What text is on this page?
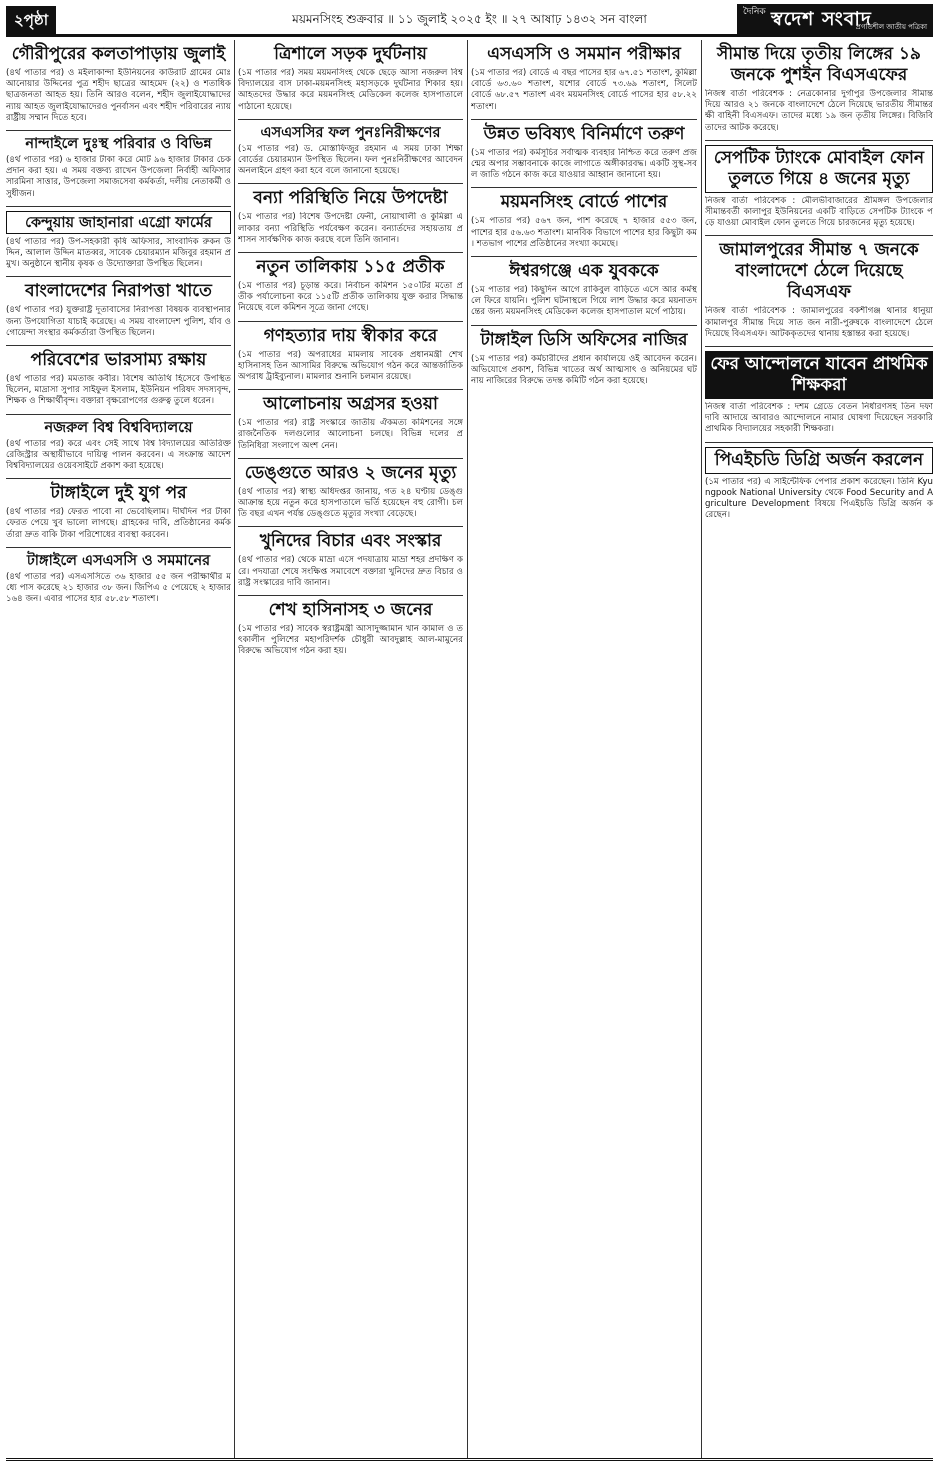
২পৃষ্ঠা	ময়মনসিংহ শুক্রবার ॥ ১১ জুলাই ২০২৫ ইং ॥ ২৭ আষাঢ় ১৪৩২ সন বাংলা	দৈনিক স্বদেশ সংবাদ
প্রগতিশীল জাতীয় পত্রিকা
গৌরীপুরের কলতাপাড়ায় জুলাই

(৪র্থ পাতার পর) ও মইলাকান্দা ইউনিয়নের কাউরাট গ্রামের মোঃ আনোয়ার উদ্দিনের পুত্র শহীদ ছাত্রের আহমেদ (২২) ও শতাধিক ছাত্রজনতা আহত হয়। তিনি আরও বলেন, শহীদ জুলাইযোদ্ধাদের ন্যায় আহত জুলাইযোদ্ধাদেরও পুনর্বাসন এবং শহীদ পরিবারের ন্যায় রাষ্ট্রীয় সম্মান দিতে হবে।

নান্দাইলে দুঃস্থ পরিবার ও বিভিন্ন

(৪র্থ পাতার পর) ৬ হাজার টাকা করে মোট ৯৬ হাজার টাকার চেক প্রদান করা হয়। এ সময় বক্তব্য রাখেন উপজেলা নির্বাহী অফিসার সারমিনা সাত্তার, উপজেলা সমাজসেবা কর্মকর্তা, দলীয় নেতাকর্মী ও সুধীজন।

কেন্দুয়ায় জাহানারা এগ্রো ফার্মের

(৪র্থ পাতার পর) উপ-সহকারী কৃষি অফিসার, সাংবাদিক রুকন উদ্দিন, আলাল উদ্দিন মাতব্বর, সাবেক চেয়ারম্যান মজিবুর রহমান প্রমুখ। অনুষ্ঠানে স্থানীয় কৃষক ও উদ্যোক্তারা উপস্থিত ছিলেন।

বাংলাদেশের নিরাপত্তা খাতে

(৪র্থ পাতার পর) যুক্তরাষ্ট্র দূতাবাসের নিরাপত্তা বিষয়ক ব্যবস্থাপনার জন্য উপযোগিতা যাচাই করেছে। এ সময় বাংলাদেশ পুলিশ, র্যাব ও গোয়েন্দা সংস্থার কর্মকর্তারা উপস্থিত ছিলেন।

পরিবেশের ভারসাম্য রক্ষায়

(৪র্থ পাতার পর) মমতাজ কবীর। বিশেষ অতিথি হিসেবে উপস্থিত ছিলেন, মাদ্রাসা সুপার সাইফুল ইসলাম, ইউনিয়ন পরিষদ সদস্যবৃন্দ, শিক্ষক ও শিক্ষার্থীবৃন্দ। বক্তারা বৃক্ষরোপণের গুরুত্ব তুলে ধরেন।

নজরুল বিশ্ব বিশ্ববিদ্যালয়ে

(৪র্থ পাতার পর) করে এবং সেই সাথে বিশ্ব বিদ্যালয়ের অতিরিক্ত রেজিস্ট্রার অস্থায়ীভাবে দায়িত্ব পালন করবেন। এ সংক্রান্ত আদেশ বিশ্ববিদ্যালয়ের ওয়েবসাইটে প্রকাশ করা হয়েছে।

টাঙ্গাইলে দুই যুগ পর

(৪র্থ পাতার পর) ফেরত পাবো না ভেবেছিলাম। দীর্ঘদিন পর টাকা ফেরত পেয়ে খুব ভালো লাগছে। গ্রাহকের দাবি, প্রতিষ্ঠানের কর্মকর্তারা দ্রুত বাকি টাকা পরিশোধের ব্যবস্থা করবেন।

টাঙ্গাইলে এসএসসি ও সমমানের

(৪র্থ পাতার পর) এসএসসিতে ৩৬ হাজার ৫৫ জন পরীক্ষার্থীর মধ্যে পাস করেছে ২১ হাজার ৩৮ জন। জিপিএ ৫ পেয়েছে ২ হাজার ১৬৪ জন। এবার পাসের হার ৫৮.৫৮ শতাংশ।

ত্রিশালে সড়ক দুর্ঘটনায়

(১ম পাতার পর) সময় ময়মনসিংহ থেকে ছেড়ে আসা নজরুল বিশ্ববিদ্যালয়ের বাস ঢাকা-ময়মনসিংহ মহাসড়কে দুর্ঘটনার শিকার হয়। আহতদের উদ্ধার করে ময়মনসিংহ মেডিকেল কলেজ হাসপাতালে পাঠানো হয়েছে।

এসএসসির ফল পুনঃনিরীক্ষণের

(১ম পাতার পর) ড. মোস্তাফিজুর রহমান এ সময় ঢাকা শিক্ষা বোর্ডের চেয়ারম্যান উপস্থিত ছিলেন। ফল পুনঃনিরীক্ষণের আবেদন অনলাইনে গ্রহণ করা হবে বলে জানানো হয়েছে।

বন্যা পরিস্থিতি নিয়ে উপদেষ্টা

(১ম পাতার পর) বিশেষ উপদেষ্টা ফেনী, নোয়াখালী ও কুমিল্লা এলাকার বন্যা পরিস্থিতি পর্যবেক্ষণ করেন। বন্যার্তদের সহায়তায় প্রশাসন সার্বক্ষণিক কাজ করছে বলে তিনি জানান।

নতুন তালিকায় ১১৫ প্রতীক

(১ম পাতার পর) চূড়ান্ত করে। নির্বাচন কমিশন ১৫০টির মতো প্রতীক পর্যালোচনা করে ১১৫টি প্রতীক তালিকায় যুক্ত করার সিদ্ধান্ত নিয়েছে বলে কমিশন সূত্রে জানা গেছে।

গণহত্যার দায় স্বীকার করে

(১ম পাতার পর) অপরাধের মামলায় সাবেক প্রধানমন্ত্রী শেখ হাসিনাসহ তিন আসামির বিরুদ্ধে অভিযোগ গঠন করে আন্তর্জাতিক অপরাধ ট্রাইব্যুনাল। মামলার শুনানি চলমান রয়েছে।

আলোচনায় অগ্রসর হওয়া

(১ম পাতার পর) রাষ্ট্র সংস্কারে জাতীয় ঐকমত্য কমিশনের সঙ্গে রাজনৈতিক দলগুলোর আলোচনা চলছে। বিভিন্ন দলের প্রতিনিধিরা সংলাপে অংশ নেন।

ডেঙ্গুতে আরও ২ জনের মৃত্যু

(৪র্থ পাতার পর) স্বাস্থ্য অধিদপ্তর জানায়, গত ২৪ ঘণ্টায় ডেঙ্গু আক্রান্ত হয়ে নতুন করে হাসপাতালে ভর্তি হয়েছেন বহু রোগী। চলতি বছর এখন পর্যন্ত ডেঙ্গুতে মৃত্যুর সংখ্যা বেড়েছে।

খুনিদের বিচার এবং সংস্কার

(৪র্থ পাতার পর) থেকে মাভ্রা এসে পদযাত্রায় মাভ্রা শহর প্রদক্ষিণ করে। পদযাত্রা শেষে সংক্ষিপ্ত সমাবেশে বক্তারা খুনিদের দ্রুত বিচার ও রাষ্ট্র সংস্কারের দাবি জানান।

শেখ হাসিনাসহ ৩ জনের

(১ম পাতার পর) সাবেক স্বরাষ্ট্রমন্ত্রী আসাদুজ্জামান খান কামাল ও তৎকালীন পুলিশের মহাপরিদর্শক চৌধুরী আবদুল্লাহ আল-মামুনের বিরুদ্ধে অভিযোগ গঠন করা হয়।

এসএসসি ও সমমান পরীক্ষার

(১ম পাতার পর) বোর্ডে এ বছর পাসের হার ৬৭.৫১ শতাংশ, কুমিল্লা বোর্ডে ৬৩.৬০ শতাংশ, যশোর বোর্ডে ৭৩.৬৯ শতাংশ, সিলেট বোর্ডে ৬৮.৫৭ শতাংশ এবং ময়মনসিংহ বোর্ডে পাসের হার ৫৮.২২ শতাংশ।

উন্নত ভবিষ্যৎ বিনির্মাণে তরুণ

(১ম পাতার পর) কর্মসূচির সর্বাত্মক ব্যবহার নিশ্চিত করে তরুণ প্রজন্মের অপার সম্ভাবনাকে কাজে লাগাতে অঙ্গীকারবদ্ধ। একটি সুস্থ-সবল জাতি গঠনে কাজ করে যাওয়ার আহ্বান জানানো হয়।

ময়মনসিংহ বোর্ডে পাশের

(১ম পাতার পর) ৫৬৭ জন, পাশ করেছে ৭ হাজার ৫৫৩ জন, পাশের হার ৫৬.৬৩ শতাংশ। মানবিক বিভাগে পাশের হার কিছুটা কম। শতভাগ পাশের প্রতিষ্ঠানের সংখ্যা কমেছে।

ঈশ্বরগঞ্জে এক যুবককে

(১ম পাতার পর) কিছুদিন আগে রাকিবুল বাড়িতে এসে আর কর্মস্থলে ফিরে যায়নি। পুলিশ ঘটনাস্থলে গিয়ে লাশ উদ্ধার করে ময়নাতদন্তের জন্য ময়মনসিংহ মেডিকেল কলেজ হাসপাতাল মর্গে পাঠায়।

টাঙ্গাইল ডিসি অফিসের নাজির

(১ম পাতার পর) কর্মচারীদের প্রধান কার্যালয়ে ওই আবেদন করেন। অভিযোগে প্রকাশ, বিভিন্ন খাতের অর্থ আত্মসাৎ ও অনিয়মের ঘটনায় নাজিরের বিরুদ্ধে তদন্ত কমিটি গঠন করা হয়েছে।

সীমান্ত দিয়ে তৃতীয় লিঙ্গের ১৯ জনকে পুশইন বিএসএফের

নিজস্ব বার্তা পরিবেশক : নেত্রকোনার দুর্গাপুর উপজেলার সীমান্ত দিয়ে আরও ২১ জনকে বাংলাদেশে ঠেলে দিয়েছে ভারতীয় সীমান্তরক্ষী বাহিনী বিএসএফ। তাদের মধ্যে ১৯ জন তৃতীয় লিঙ্গের। বিজিবি তাদের আটক করেছে।

সেপটিক ট্যাংকে মোবাইল ফোন তুলতে গিয়ে ৪ জনের মৃত্যু

নিজস্ব বার্তা পরিবেশক : মৌলভীবাজারের শ্রীমঙ্গল উপজেলার সীমান্তবর্তী কালাপুর ইউনিয়নের একটি বাড়িতে সেপটিক ট্যাংকে পড়ে যাওয়া মোবাইল ফোন তুলতে গিয়ে চারজনের মৃত্যু হয়েছে।

জামালপুরের সীমান্ত ৭ জনকে বাংলাদেশে ঠেলে দিয়েছে বিএসএফ

নিজস্ব বার্তা পরিবেশক : জামালপুরের বকশীগঞ্জ থানার ধানুয়া কামালপুর সীমান্ত দিয়ে সাত জন নারী-পুরুষকে বাংলাদেশে ঠেলে দিয়েছে বিএসএফ। আটককৃতদের থানায় হস্তান্তর করা হয়েছে।

ফের আন্দোলনে যাবেন প্রাথমিক শিক্ষকরা

নিজস্ব বার্তা পরিবেশক : দশম গ্রেডে বেতন নির্ধারণসহ তিন দফা দাবি আদায়ে আবারও আন্দোলনে নামার ঘোষণা দিয়েছেন সরকারি প্রাথমিক বিদ্যালয়ের সহকারী শিক্ষকরা।

পিএইচডি ডিগ্রি অর্জন করলেন

(১ম পাতার পর) এ সাইন্টেফিক পেপার প্রকাশ করেছেন। তিনি Kyungpook National University থেকে Food Security and Agriculture Development বিষয়ে পিএইচডি ডিগ্রি অর্জন করেছেন।
